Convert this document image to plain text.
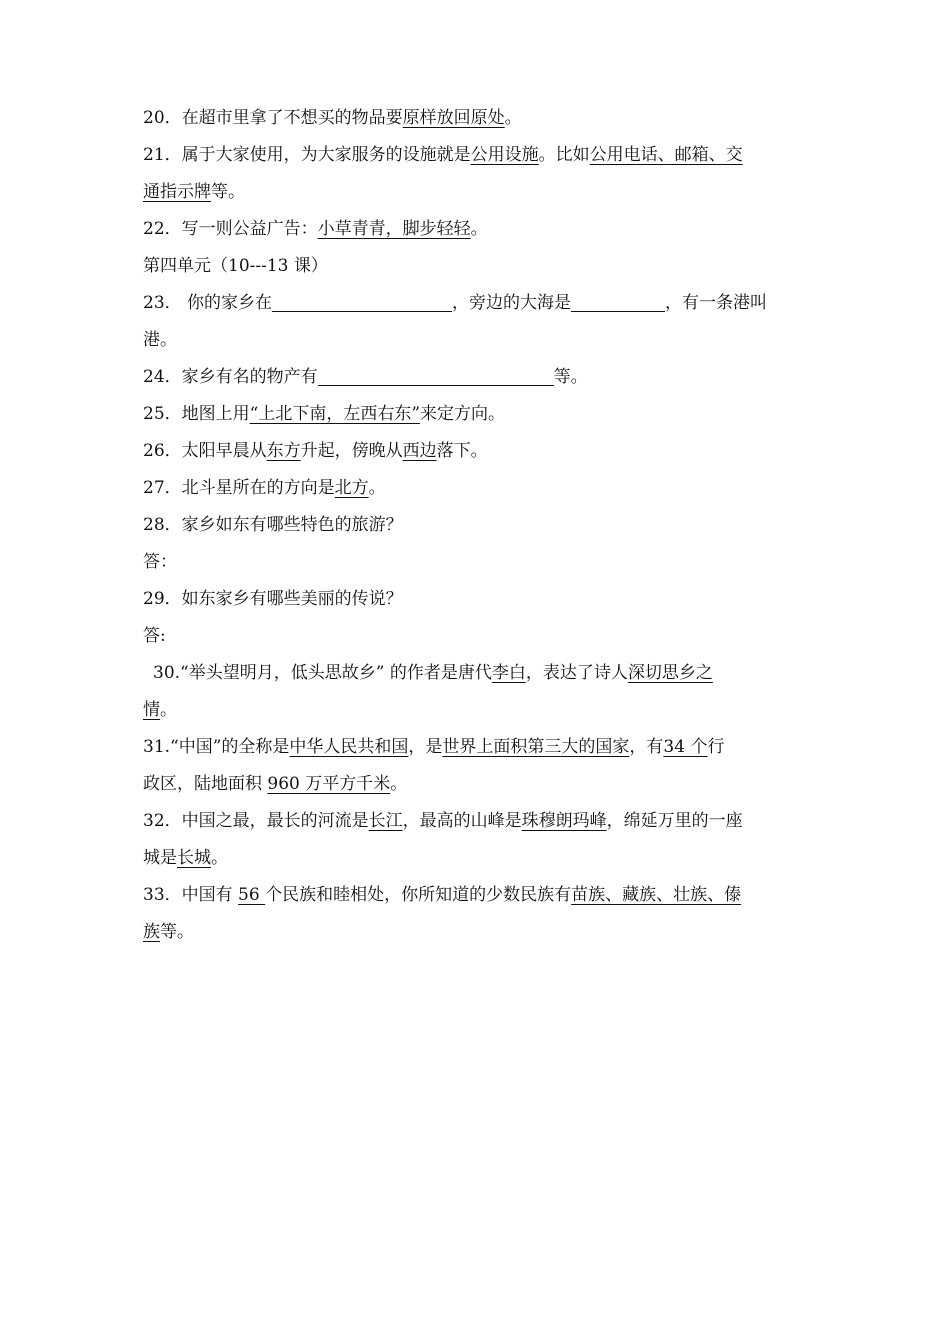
20．在超市里拿了不想买的物品要原样放回原处。
21．属于大家使用，为大家服务的设施就是公用设施。比如公用电话、邮箱、交
通指示牌等。
22．写一则公益广告：小草青青，脚步轻轻。
第四单元（10---13 课）
23． 你的家乡在	，旁边的大海是	，有一条港叫
港。
24．家乡有名的物产有	等。
25．地图上用“上北下南，左西右东”来定方向。
26．太阳早晨从东方升起，傍晚从西边落下。
27．北斗星所在的方向是北方。
28．家乡如东有哪些特色的旅游？
答：
29．如东家乡有哪些美丽的传说？
答:
30.“举头望明月，低头思故乡” 的作者是唐代李白，表达了诗人深切思乡之
情。
31.“中国”的全称是中华人民共和国，是世界上面积第三大的国家，有34 个行
政区，陆地面积 960 万平方千米。
32．中国之最，最长的河流是长江，最高的山峰是珠穆朗玛峰，绵延万里的一座
城是长城。
33．中国有 56 个民族和睦相处，你所知道的少数民族有苗族、藏族、壮族、傣
族等。
